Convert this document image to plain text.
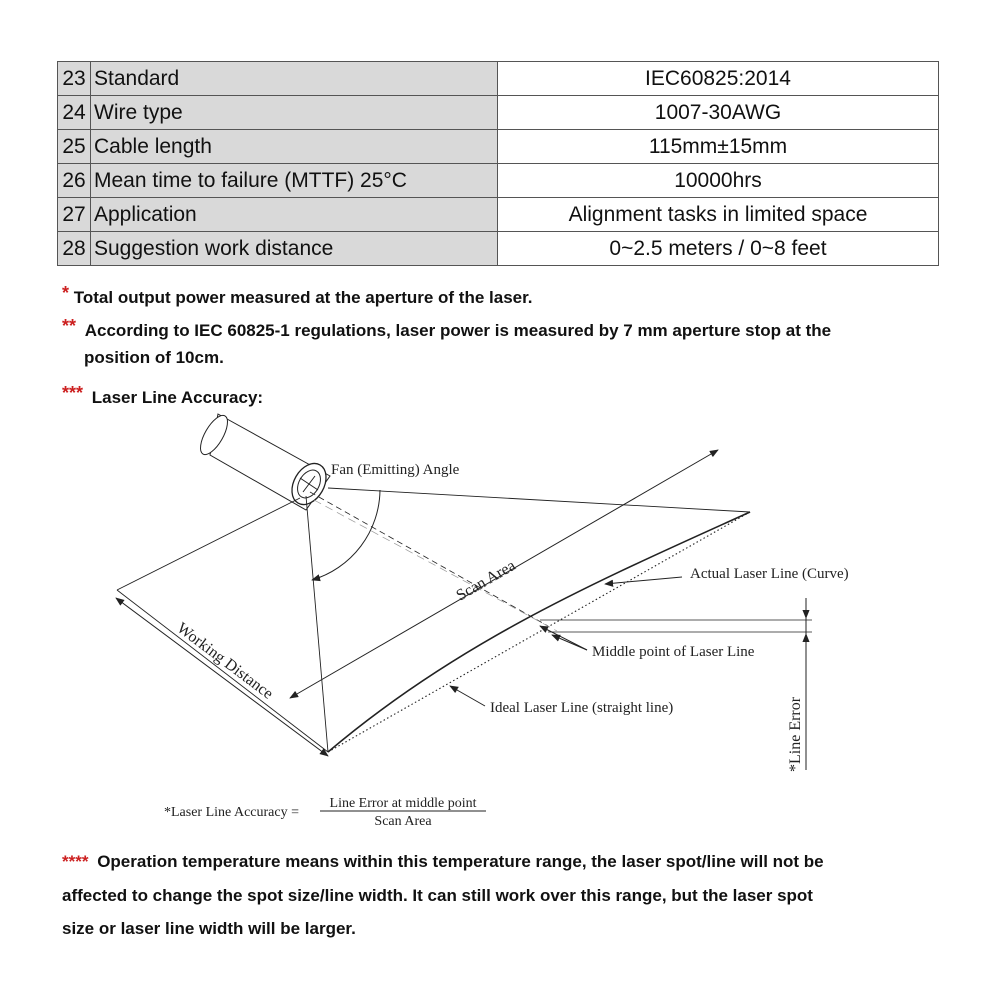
23	Standard	IEC60825:2014
24	Wire type	1007-30AWG
25	Cable length	115mm±15mm
26	Mean time to failure (MTTF) 25°C	10000hrs
27	Application	Alignment tasks in limited space
28	Suggestion work distance	0~2.5 meters / 0~8 feet
* Total output power measured at the aperture of the laser.
** According to IEC 60825-1 regulations, laser power is measured by 7 mm aperture stop at the
position of 10cm.
*** Laser Line Accuracy:
Fan (Emitting) Angle
Scan Area
Working Distance
Actual Laser Line (Curve)
Middle point of Laser Line
Ideal Laser Line (straight line)	*Line Error
*Laser Line Accuracy =
Line Error at middle point
Scan Area
**** Operation temperature means within this temperature range, the laser spot/line will not be
affected to change the spot size/line width. It can still work over this range, but the laser spot
size or laser line width will be larger.
